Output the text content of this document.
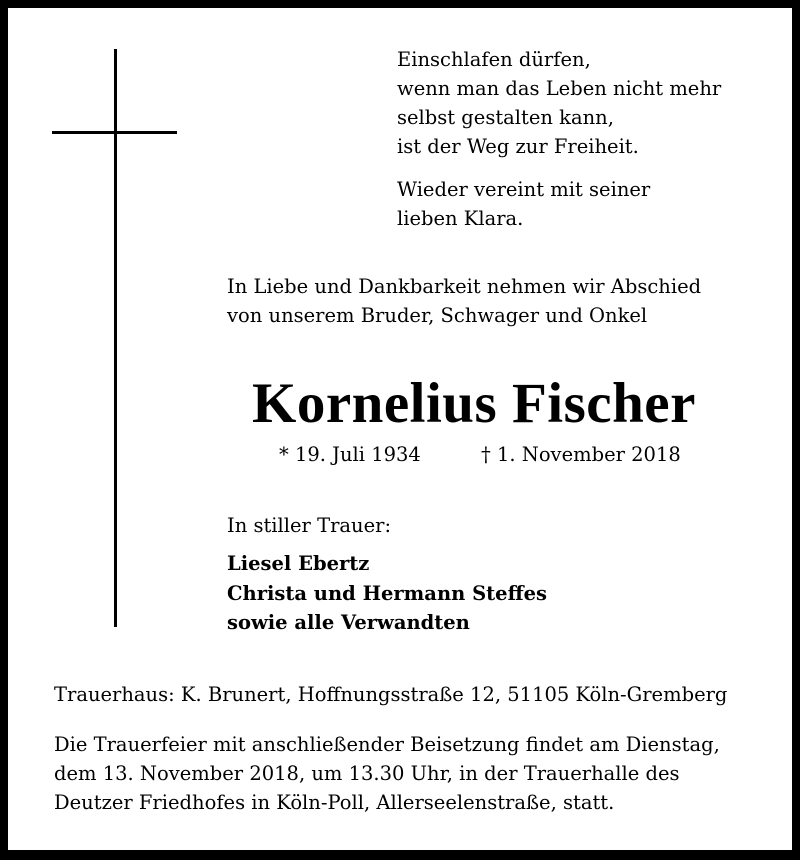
Einschlafen dürfen,
wenn man das Leben nicht mehr
selbst gestalten kann,
ist der Weg zur Freiheit.
Wieder vereint mit seiner
lieben Klara.
In Liebe und Dankbarkeit nehmen wir Abschied
von unserem Bruder, Schwager und Onkel
Kornelius Fischer
* 19. Juli 1934	† 1. November 2018
In stiller Trauer:
Liesel Ebertz
Christa und Hermann Steffes
sowie alle Verwandten
Trauerhaus: K. Brunert, Hoffnungsstraße 12, 51105 Köln-Gremberg
Die Trauerfeier mit anschließender Beisetzung findet am Dienstag,
dem 13. November 2018, um 13.30 Uhr, in der Trauerhalle des
Deutzer Friedhofes in Köln-Poll, Allerseelenstraße, statt.
